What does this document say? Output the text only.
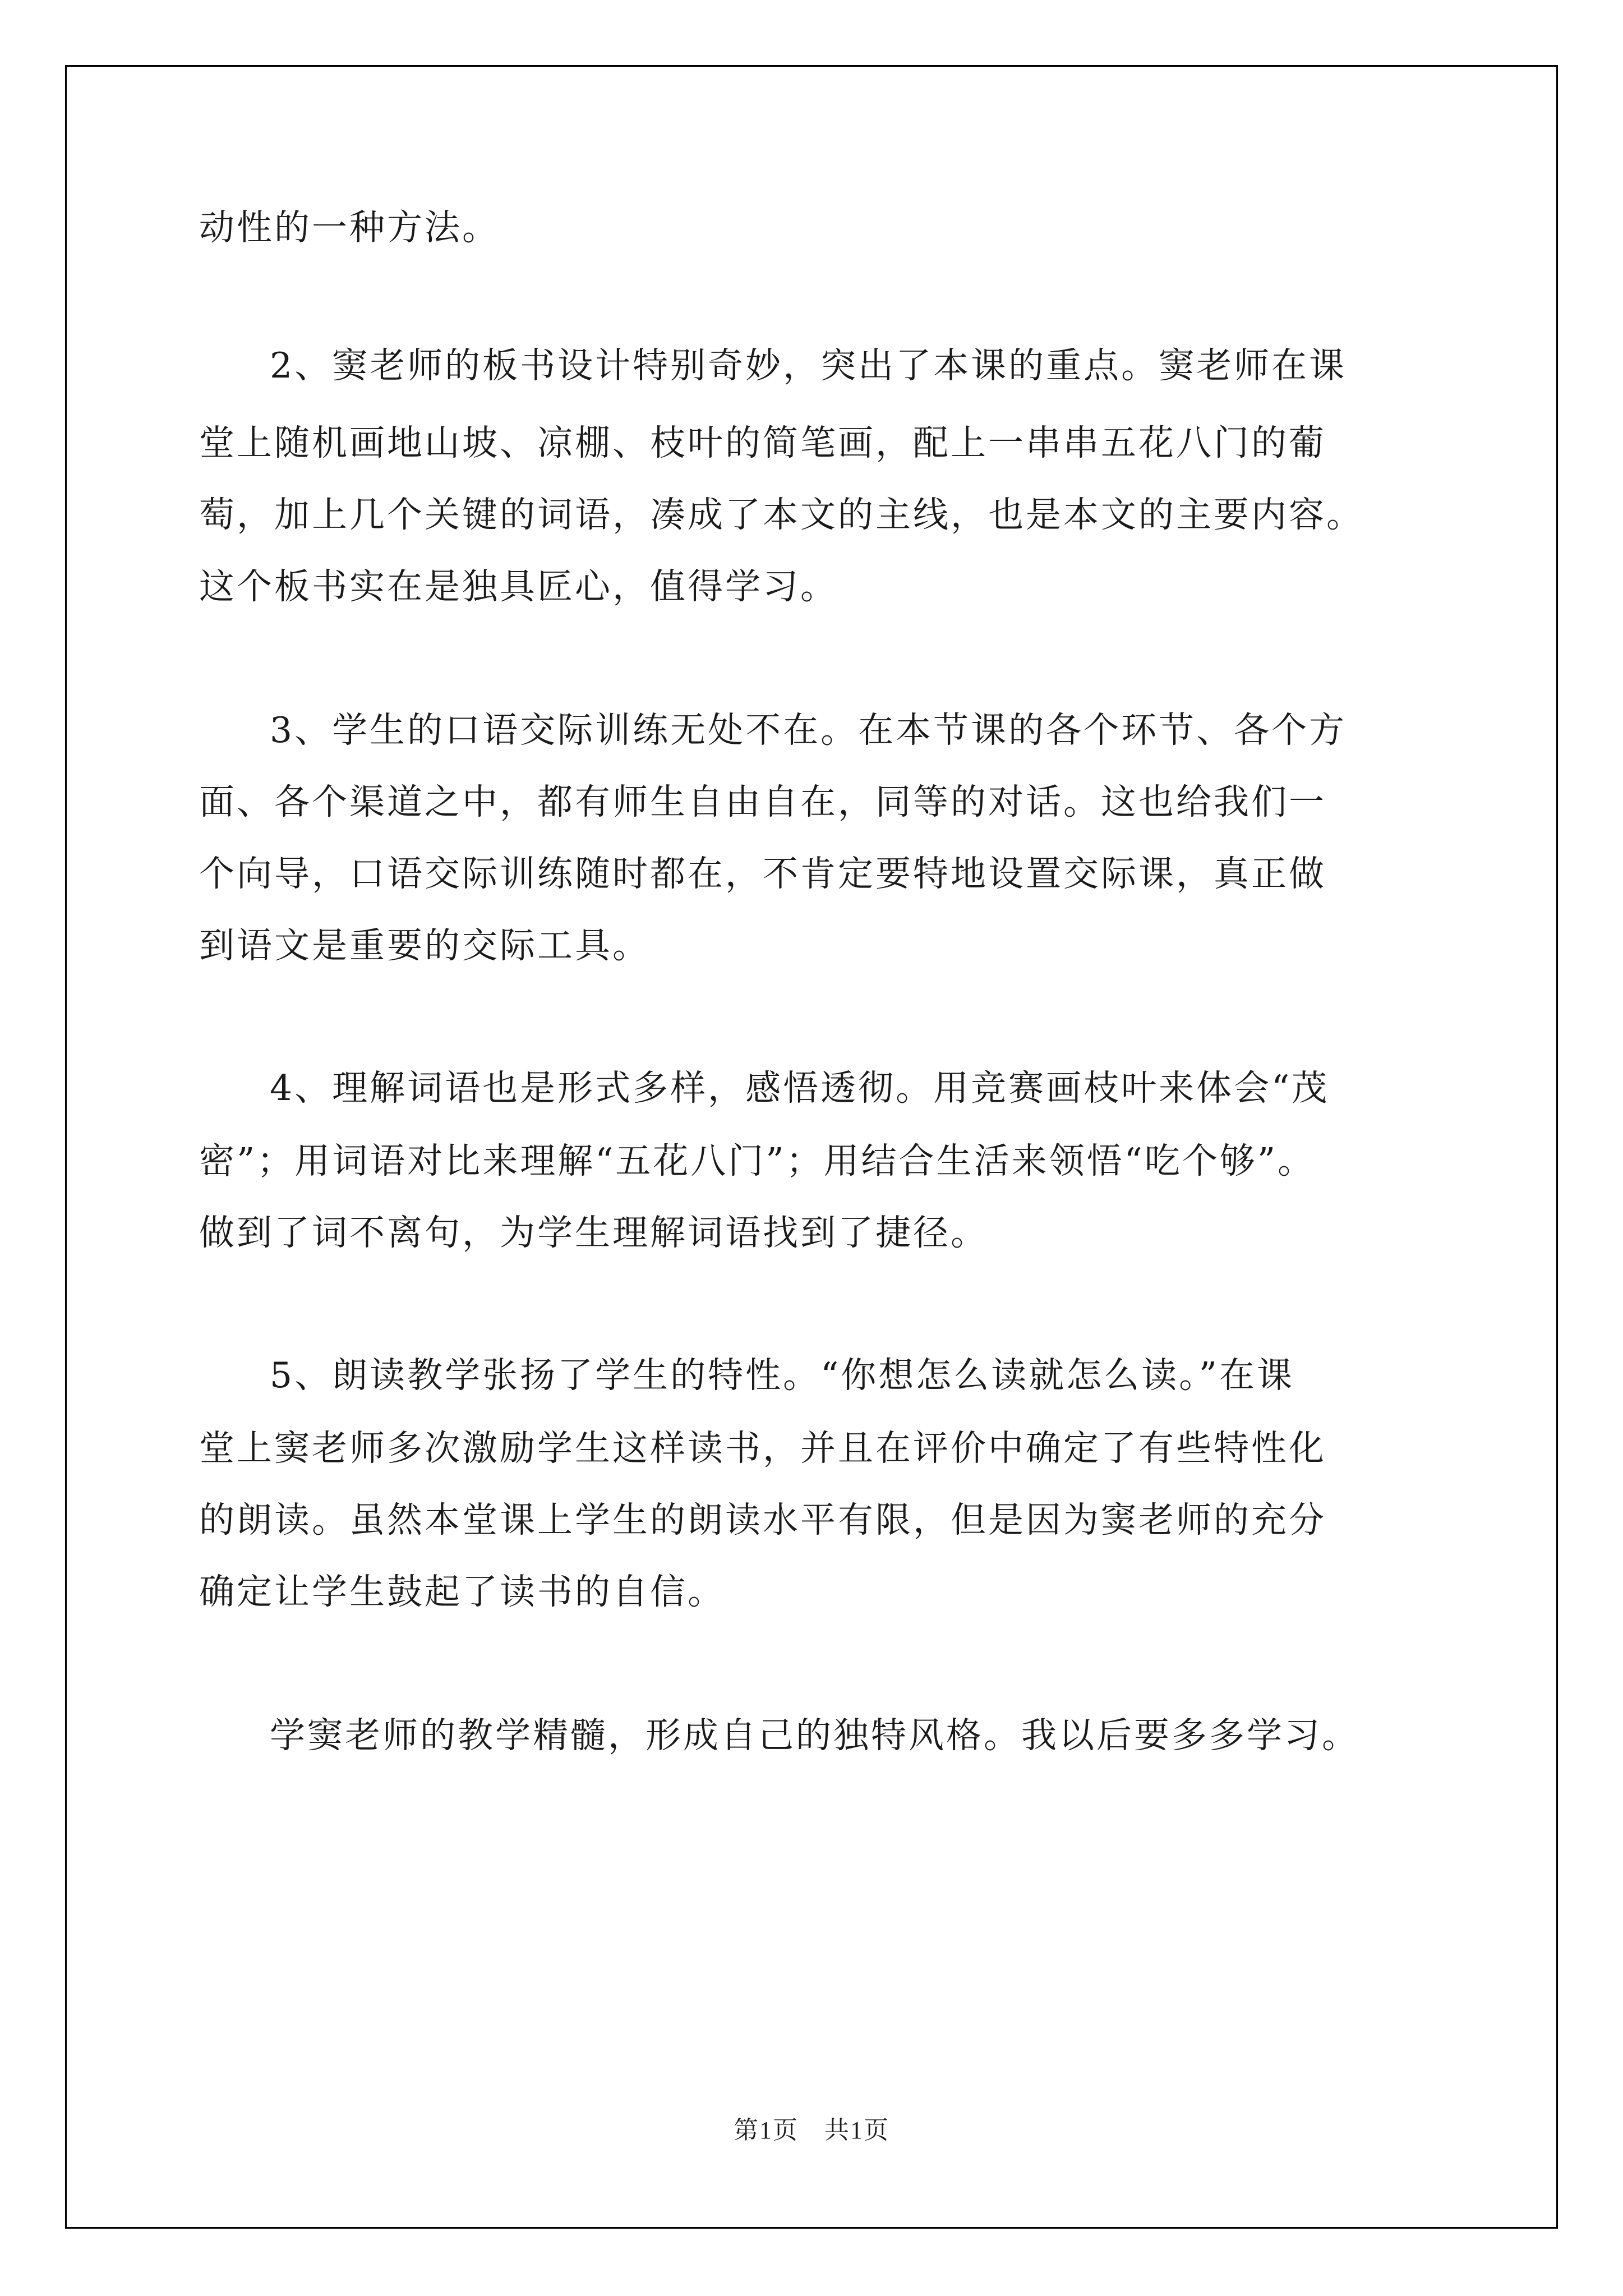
动性的一种方法。
2、窦老师的板书设计特别奇妙，突出了本课的重点。窦老师在课
堂上随机画地山坡、凉棚、枝叶的简笔画，配上一串串五花八门的葡
萄，加上几个关键的词语，凑成了本文的主线，也是本文的主要内容。
这个板书实在是独具匠心，值得学习。
3、学生的口语交际训练无处不在。在本节课的各个环节、各个方
面、各个渠道之中，都有师生自由自在，同等的对话。这也给我们一
个向导，口语交际训练随时都在，不肯定要特地设置交际课，真正做
到语文是重要的交际工具。
4、理解词语也是形式多样，感悟透彻。用竞赛画枝叶来体会“茂
密”；用词语对比来理解“五花八门”；用结合生活来领悟“吃个够”。
做到了词不离句，为学生理解词语找到了捷径。
5、朗读教学张扬了学生的特性。“你想怎么读就怎么读。”在课
堂上窦老师多次激励学生这样读书，并且在评价中确定了有些特性化
的朗读。虽然本堂课上学生的朗读水平有限，但是因为窦老师的充分
确定让学生鼓起了读书的自信。
学窦老师的教学精髓，形成自己的独特风格。我以后要多多学习。
第1页　共1页
